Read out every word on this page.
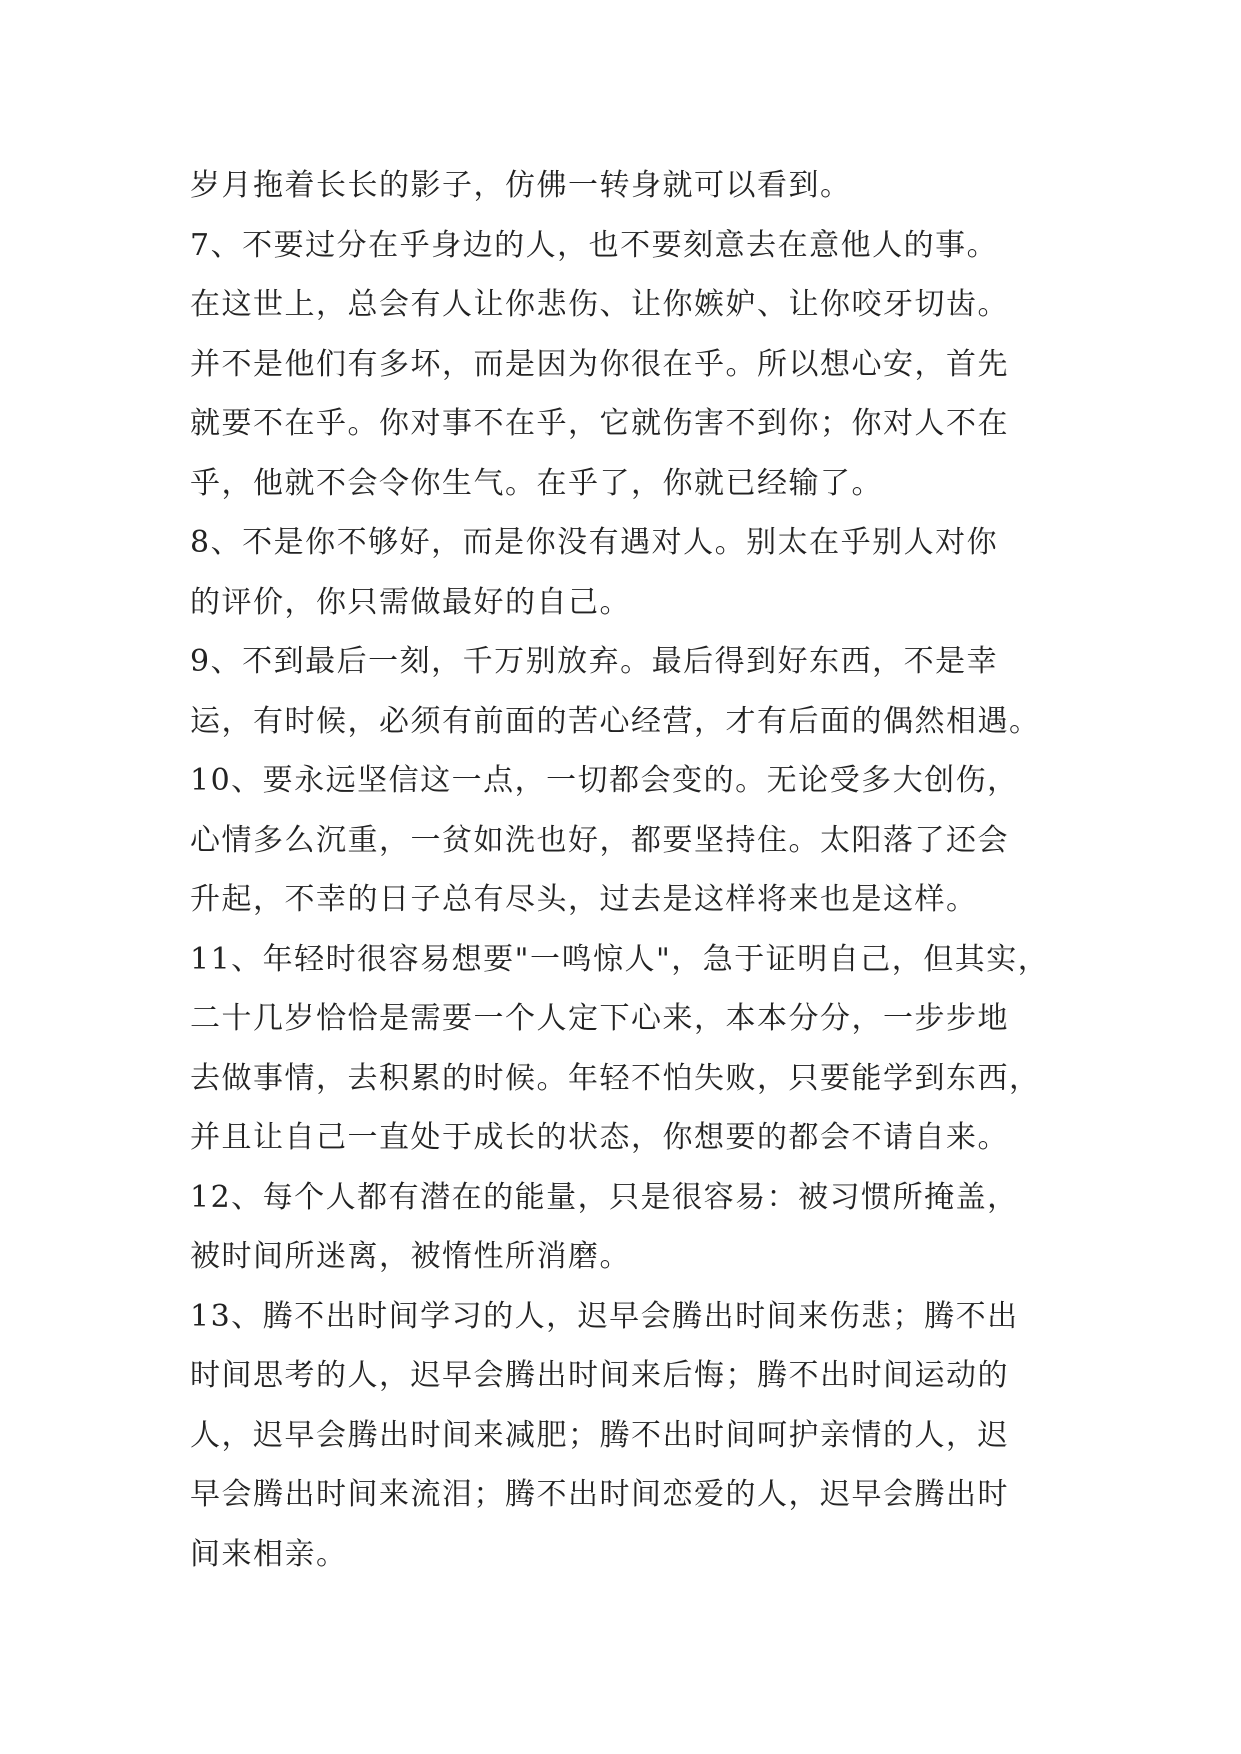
岁月拖着长长的影子，仿佛一转身就可以看到。
7、不要过分在乎身边的人，也不要刻意去在意他人的事。
在这世上，总会有人让你悲伤、让你嫉妒、让你咬牙切齿。
并不是他们有多坏，而是因为你很在乎。所以想心安，首先
就要不在乎。你对事不在乎，它就伤害不到你；你对人不在
乎，他就不会令你生气。在乎了，你就已经输了。
8、不是你不够好，而是你没有遇对人。别太在乎别人对你
的评价，你只需做最好的自己。
9、不到最后一刻，千万别放弃。最后得到好东西，不是幸
运，有时候，必须有前面的苦心经营，才有后面的偶然相遇。
10、要永远坚信这一点，一切都会变的。无论受多大创伤，
心情多么沉重，一贫如洗也好，都要坚持住。太阳落了还会
升起，不幸的日子总有尽头，过去是这样将来也是这样。
11、年轻时很容易想要"一鸣惊人"，急于证明自己，但其实，
二十几岁恰恰是需要一个人定下心来，本本分分，一步步地
去做事情，去积累的时候。年轻不怕失败，只要能学到东西，
并且让自己一直处于成长的状态，你想要的都会不请自来。
12、每个人都有潜在的能量，只是很容易：被习惯所掩盖，
被时间所迷离，被惰性所消磨。
13、腾不出时间学习的人，迟早会腾出时间来伤悲；腾不出
时间思考的人，迟早会腾出时间来后悔；腾不出时间运动的
人，迟早会腾出时间来减肥；腾不出时间呵护亲情的人，迟
早会腾出时间来流泪；腾不出时间恋爱的人，迟早会腾出时
间来相亲。
